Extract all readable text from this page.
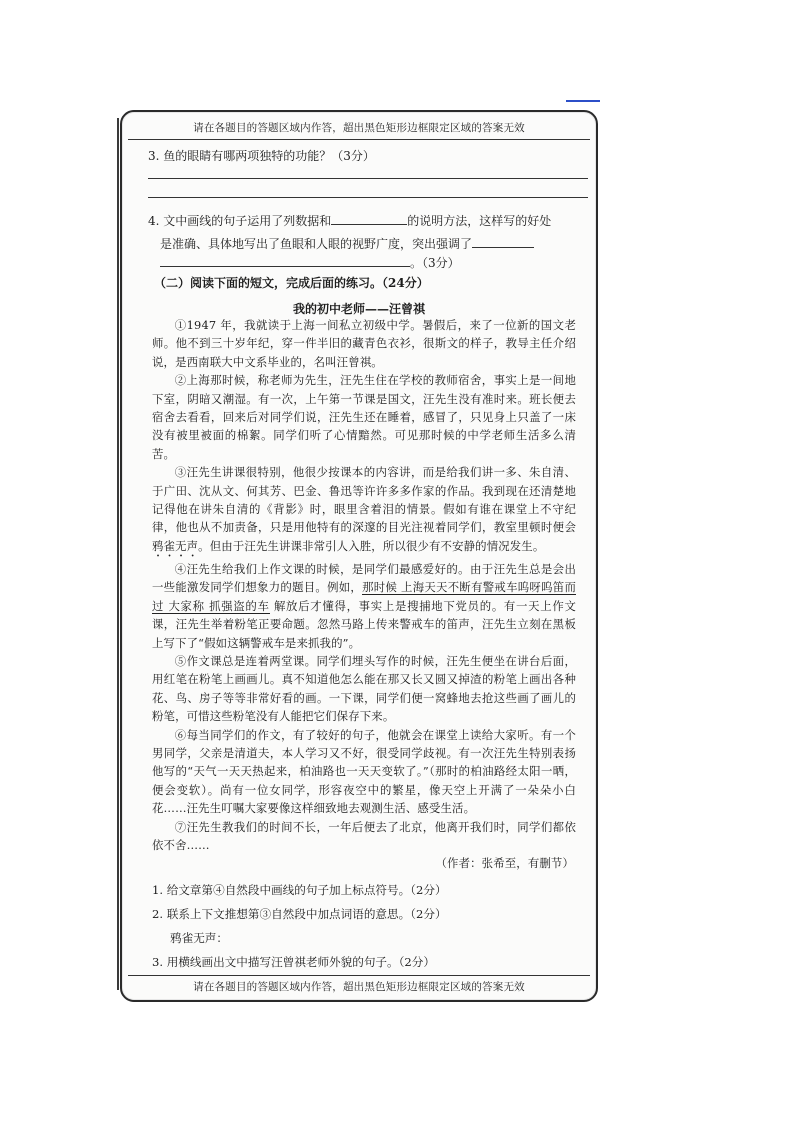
请在各题目的答题区域内作答，超出黑色矩形边框限定区域的答案无效
3. 鱼的眼睛有哪两项独特的功能？（3分）
4. 文中画线的句子运用了列数据和	的说明方法，这样写的好处
是准确、具体地写出了鱼眼和人眼的视野广度，突出强调了
。（3分）
（二）阅读下面的短文，完成后面的练习。（24分）
我的初中老师——汪曾祺

①1947 年，我就读于上海一间私立初级中学。暑假后，来了一位新的国文老师。他不到三十岁年纪，穿一件半旧的藏青色衣衫，很斯文的样子，教导主任介绍说，是西南联大中文系毕业的，名叫汪曾祺。

②上海那时候，称老师为先生，汪先生住在学校的教师宿舍，事实上是一间地下室，阴暗又潮湿。有一次，上午第一节课是国文，汪先生没有准时来。班长便去宿舍去看看，回来后对同学们说，汪先生还在睡着，感冒了，只见身上只盖了一床没有被里被面的棉絮。同学们听了心情黯然。可见那时候的中学老师生活多么清苦。

③汪先生讲课很特别，他很少按课本的内容讲，而是给我们讲一多、朱自清、于广田、沈从文、何其芳、巴金、鲁迅等许许多多作家的作品。我到现在还清楚地记得他在讲朱自清的《背影》时，眼里含着泪的情景。假如有谁在课堂上不守纪律，他也从不加责备，只是用他特有的深邃的目光注视着同学们，教室里顿时便会鸦雀无声。但由于汪先生讲课非常引人入胜，所以很少有不安静的情况发生。

④汪先生给我们上作文课的时候，是同学们最感爱好的。由于汪先生总是会出一些能激发同学们想象力的题目。例如，那时候 上海天天不断有警戒车呜呀呜笛而过 大家称 抓强盗的车 解放后才懂得，事实上是搜捕地下党员的。有一天上作文课，汪先生举着粉笔正要命题。忽然马路上传来警戒车的笛声，汪先生立刻在黑板上写下了“假如这辆警戒车是来抓我的”。

⑤作文课总是连着两堂课。同学们埋头写作的时候，汪先生便坐在讲台后面，用红笔在粉笔上画画儿。真不知道他怎么能在那又长又圆又掉渣的粉笔上画出各种花、鸟、房子等等非常好看的画。一下课，同学们便一窝蜂地去抢这些画了画儿的粉笔，可惜这些粉笔没有人能把它们保存下来。

⑥每当同学们的作文，有了较好的句子，他就会在课堂上读给大家听。有一个男同学，父亲是清道夫，本人学习又不好，很受同学歧视。有一次汪先生特别表扬他写的“天气一天天热起来，柏油路也一天天变软了。”（那时的柏油路经太阳一晒，便会变软）。尚有一位女同学，形容夜空中的繁星，像天空上开满了一朵朵小白花……汪先生叮嘱大家要像这样细致地去观测生活、感受生活。

⑦汪先生教我们的时间不长，一年后便去了北京，他离开我们时，同学们都依依不舍……

（作者：张希至，有删节）
1. 给文章第④自然段中画线的句子加上标点符号。（2分）
2. 联系上下文推想第③自然段中加点词语的意思。（2分）
鸦雀无声：
3. 用横线画出文中描写汪曾祺老师外貌的句子。（2分）
请在各题目的答题区域内作答，超出黑色矩形边框限定区域的答案无效
